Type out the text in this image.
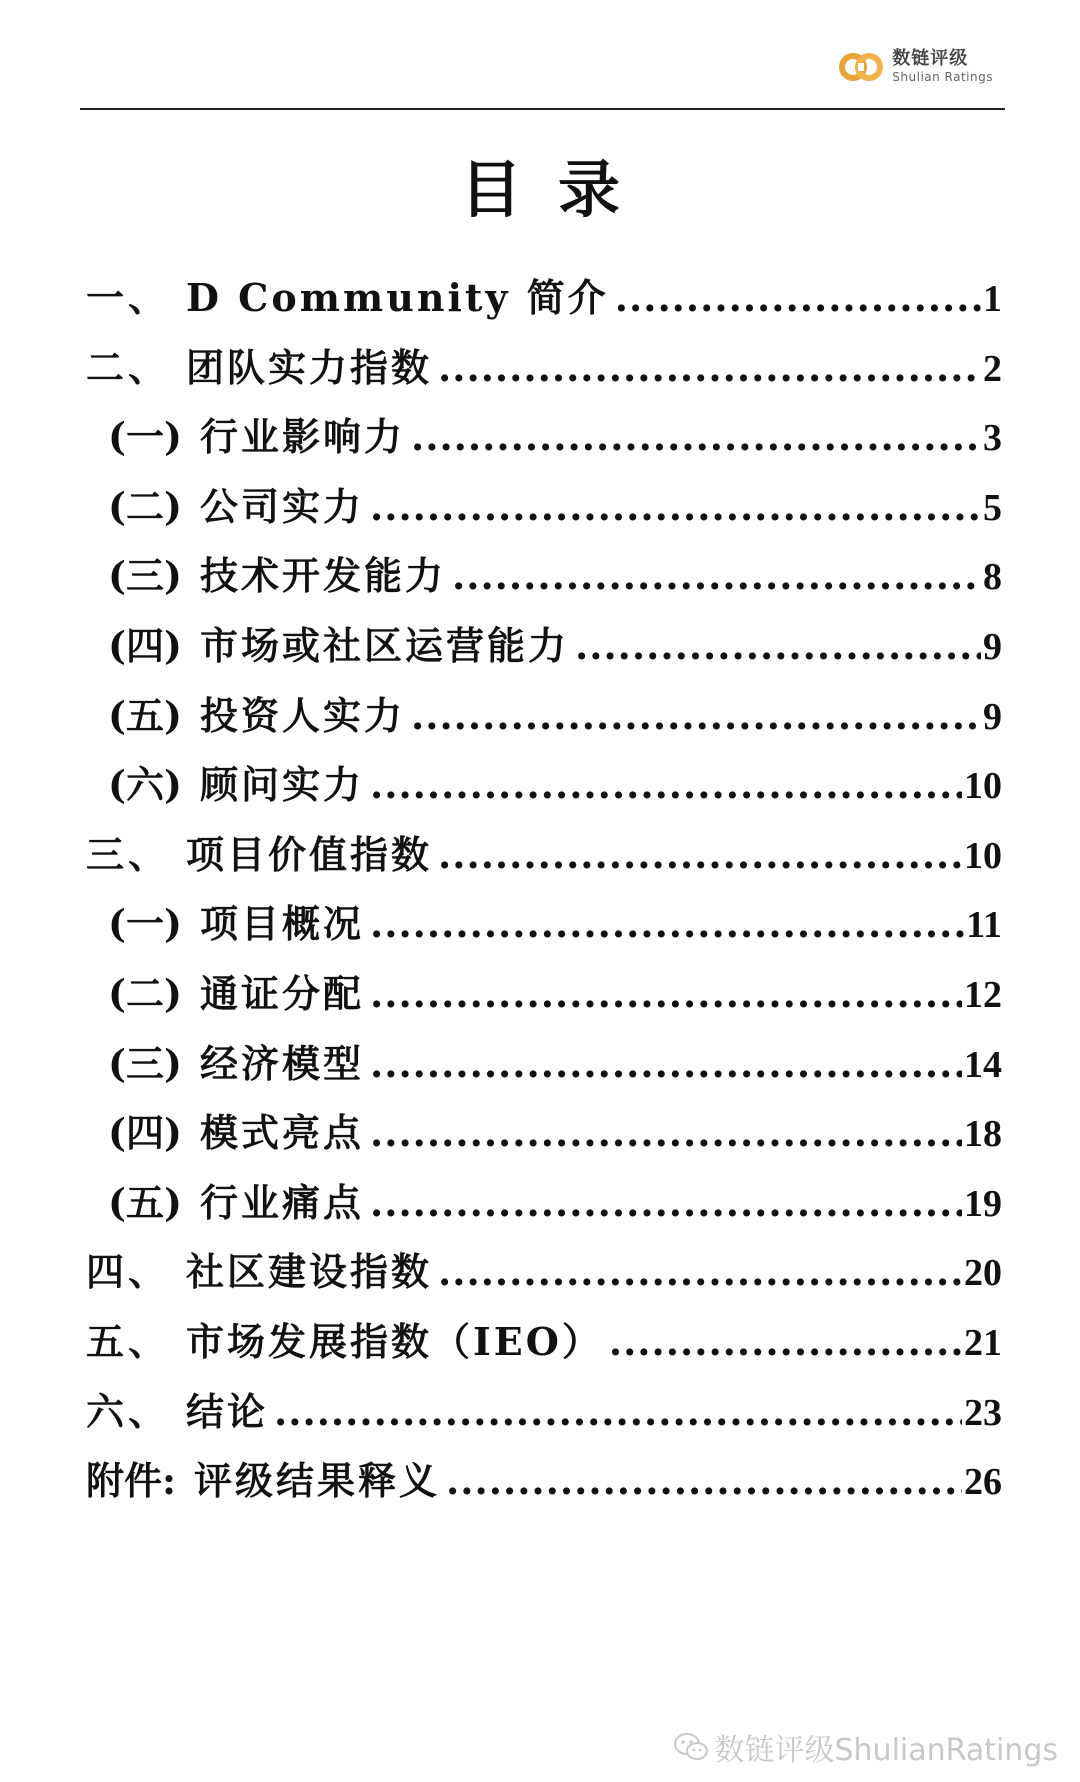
数链评级
Shulian Ratings
目录
一、 D Community 简介 .....	1
二、 团队实力指数 .....	2
(一) 行业影响力 .....	3
(二) 公司实力 .....	5
(三) 技术开发能力 .....	8
(四) 市场或社区运营能力 .....	9
(五) 投资人实力 .....	9
(六) 顾问实力 .....	10
三、 项目价值指数 .....	10
(一) 项目概况 .....	11
(二) 通证分配 .....	12
(三) 经济模型 .....	14
(四) 模式亮点 .....	18
(五) 行业痛点 .....	19
四、 社区建设指数 .....	20
五、 市场发展指数（IEO） .....	21
六、 结论 .....	23
附件: 评级结果释义 .....	26
数链评级ShulianRatings
